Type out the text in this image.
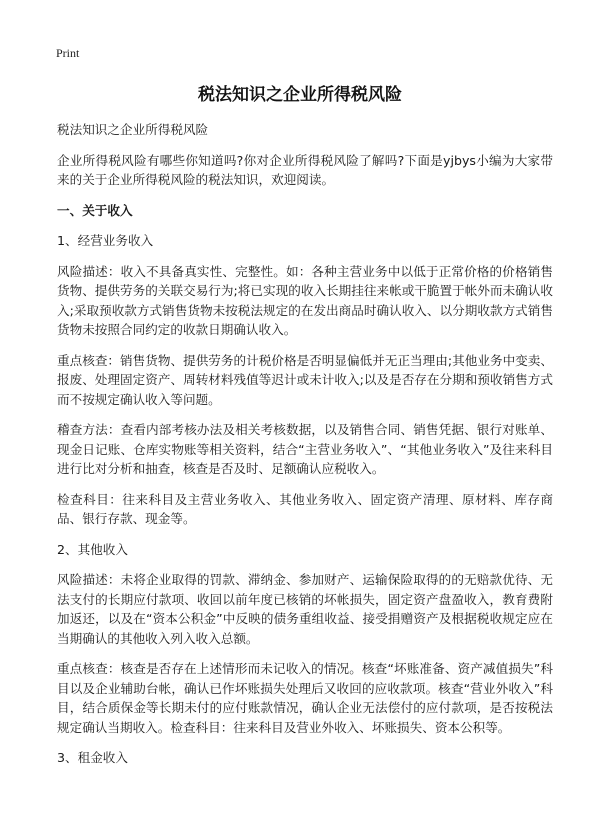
Print
税法知识之企业所得税风险

税法知识之企业所得税风险

企业所得税风险有哪些你知道吗?你对企业所得税风险了解吗?下面是yjbys小编为大家带来的关于企业所得税风险的税法知识，欢迎阅读。

一、关于收入

1、经营业务收入

风险描述：收入不具备真实性、完整性。如：各种主营业务中以低于正常价格的价格销售货物、提供劳务的关联交易行为;将已实现的收入长期挂往来帐或干脆置于帐外而未确认收入;采取预收款方式销售货物未按税法规定的在发出商品时确认收入、以分期收款方式销售货物未按照合同约定的收款日期确认收入。

重点核查：销售货物、提供劳务的计税价格是否明显偏低并无正当理由;其他业务中变卖、报废、处理固定资产、周转材料残值等迟计或未计收入;以及是否存在分期和预收销售方式而不按规定确认收入等问题。

稽查方法：查看内部考核办法及相关考核数据，以及销售合同、销售凭据、银行对账单、现金日记账、仓库实物账等相关资料，结合“主营业务收入”、“其他业务收入”及往来科目进行比对分析和抽查，核查是否及时、足额确认应税收入。

检查科目：往来科目及主营业务收入、其他业务收入、固定资产清理、原材料、库存商品、银行存款、现金等。

2、其他收入

风险描述：未将企业取得的罚款、滞纳金、参加财产、运输保险取得的的无赔款优待、无法支付的长期应付款项、收回以前年度已核销的坏帐损失，固定资产盘盈收入，教育费附加返还，以及在“资本公积金”中反映的债务重组收益、接受捐赠资产及根据税收规定应在当期确认的其他收入列入收入总额。

重点核查：核查是否存在上述情形而未记收入的情况。核查“坏账准备、资产减值损失”科目以及企业辅助台帐，确认已作坏账损失处理后又收回的应收款项。核查“营业外收入”科目，结合质保金等长期未付的应付账款情况，确认企业无法偿付的应付款项，是否按税法规定确认当期收入。检查科目：往来科目及营业外收入、坏账损失、资本公积等。

3、租金收入
